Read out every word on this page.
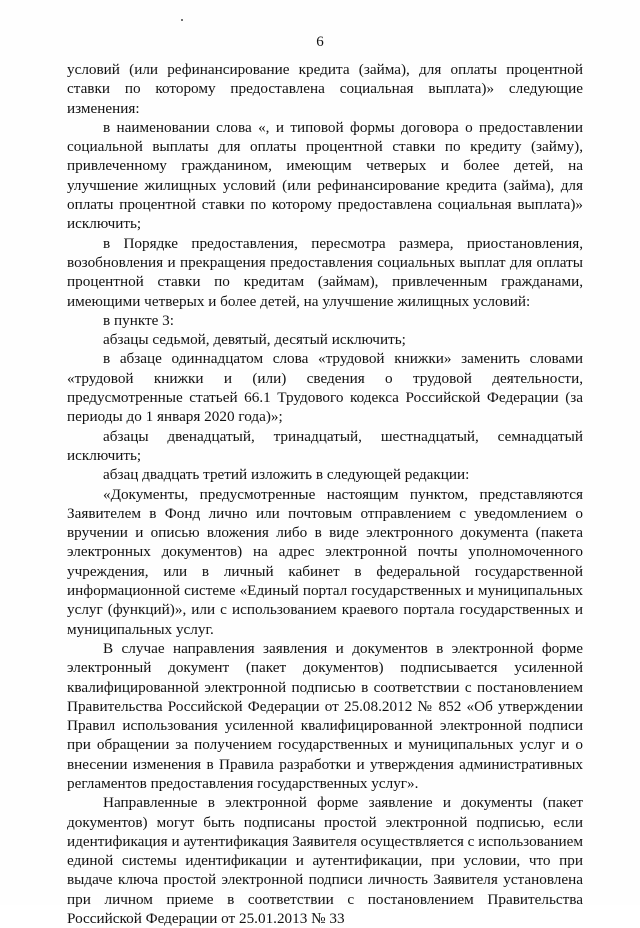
6

условий (или рефинансирование кредита (займа), для оплаты процентной ставки по которому предоставлена социальная выплата)» следующие изменения:

в наименовании слова «, и типовой формы договора о предоставлении социальной выплаты для оплаты процентной ставки по кредиту (займу), привлеченному гражданином, имеющим четверых и более детей, на улучшение жилищных условий (или рефинансирование кредита (займа), для оплаты процентной ставки по которому предоставлена социальная выплата)» исключить;

в Порядке предоставления, пересмотра размера, приостановления, возобновления и прекращения предоставления социальных выплат для оплаты процентной ставки по кредитам (займам), привлеченным гражданами, имеющими четверых и более детей, на улучшение жилищных условий:

в пункте 3:

абзацы седьмой, девятый, десятый исключить;

в абзаце одиннадцатом слова «трудовой книжки» заменить словами «трудовой книжки и (или) сведения о трудовой деятельности, предусмотренные статьей 66.1 Трудового кодекса Российской Федерации (за периоды до 1 января 2020 года)»;

абзацы двенадцатый, тринадцатый, шестнадцатый, семнадцатый исключить;

абзац двадцать третий изложить в следующей редакции:

«Документы, предусмотренные настоящим пунктом, представляются Заявителем в Фонд лично или почтовым отправлением с уведомлением о вручении и описью вложения либо в виде электронного документа (пакета электронных документов) на адрес электронной почты уполномоченного учреждения, или в личный кабинет в федеральной государственной информационной системе «Единый портал государственных и муниципальных услуг (функций)», или с использованием краевого портала государственных и муниципальных услуг.

В случае направления заявления и документов в электронной форме электронный документ (пакет документов) подписывается усиленной квалифицированной электронной подписью в соответствии с постановлением Правительства Российской Федерации от 25.08.2012 № 852 «Об утверждении Правил использования усиленной квалифицированной электронной подписи при обращении за получением государственных и муниципальных услуг и о внесении изменения в Правила разработки и утверждения административных регламентов предоставления государственных услуг».

Направленные в электронной форме заявление и документы (пакет документов) могут быть подписаны простой электронной подписью, если идентификация и аутентификация Заявителя осуществляется с использованием единой системы идентификации и аутентификации, при условии, что при выдаче ключа простой электронной подписи личность Заявителя установлена при личном приеме в соответствии с постановлением Правительства Российской Федерации от 25.01.2013 № 33
